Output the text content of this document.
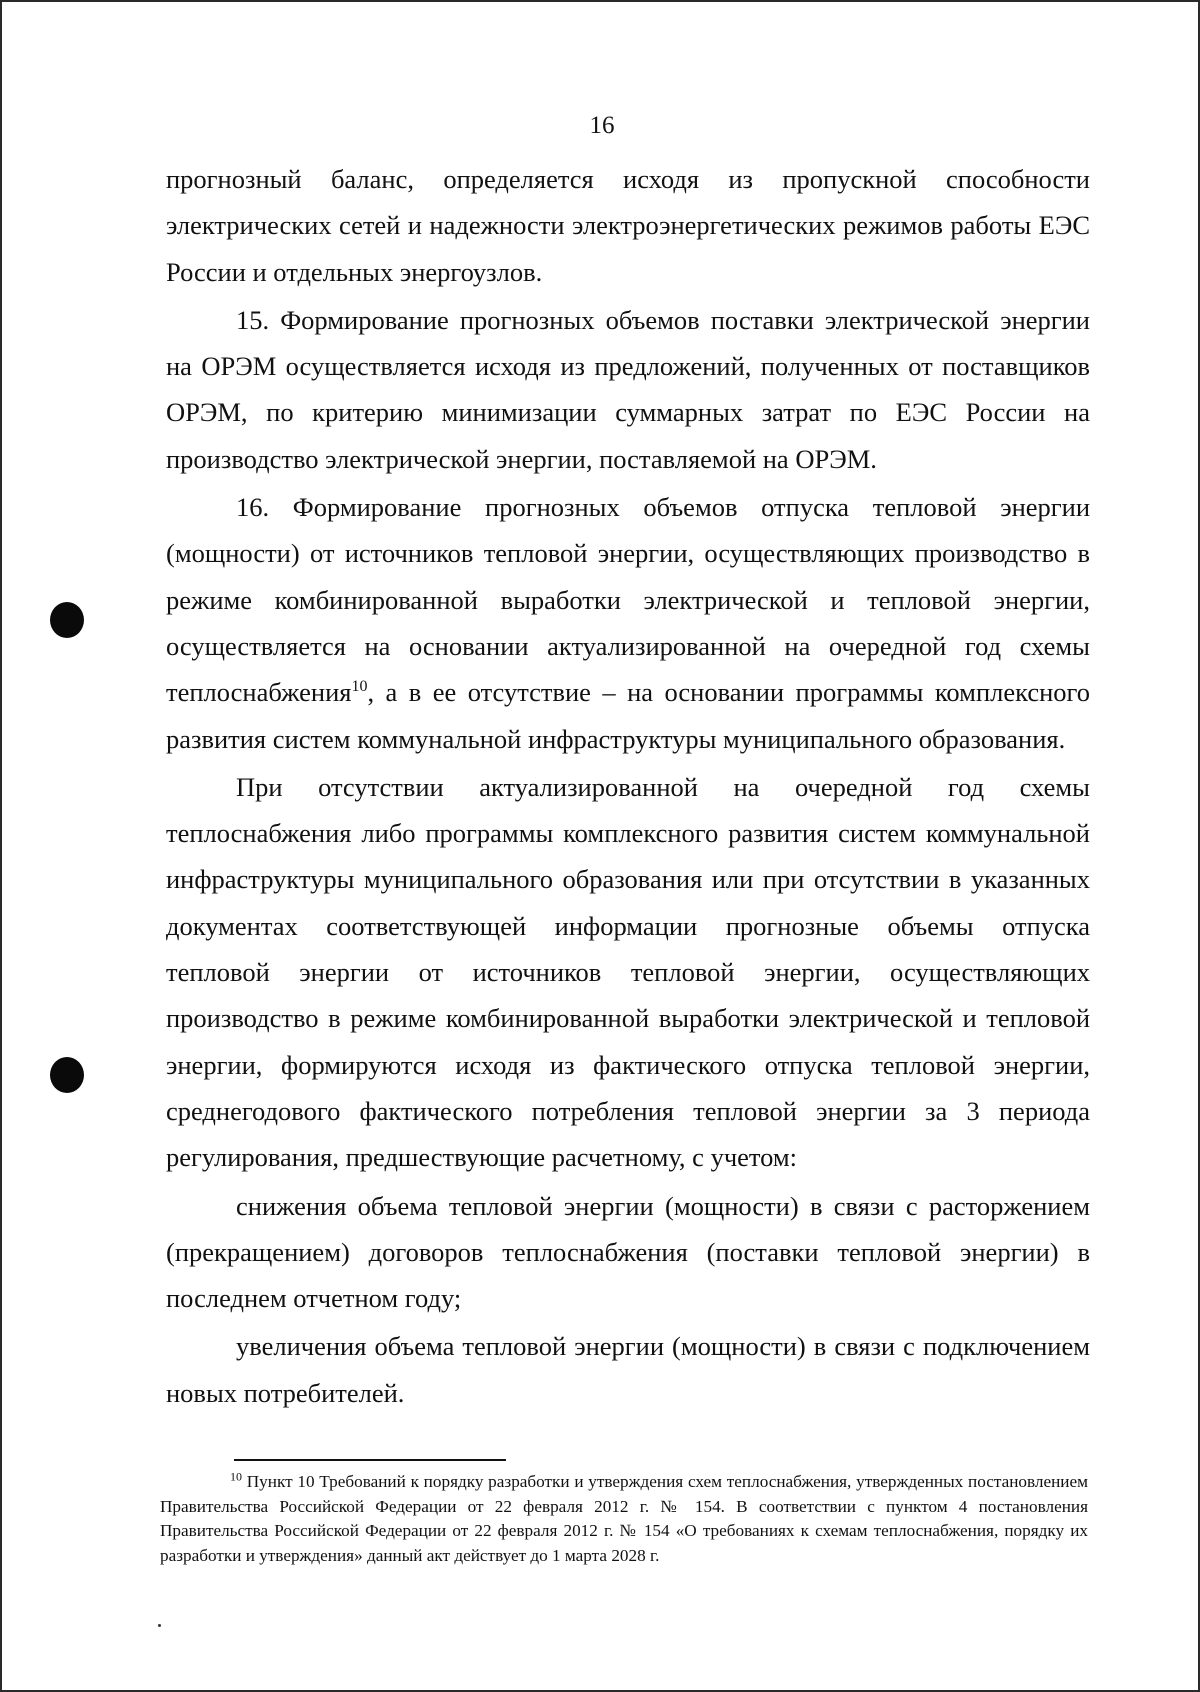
16

прогнозный баланс, определяется исходя из пропускной способности электрических сетей и надежности электроэнергетических режимов работы ЕЭС России и отдельных энергоузлов.

15. Формирование прогнозных объемов поставки электрической энергии на ОРЭМ осуществляется исходя из предложений, полученных от поставщиков ОРЭМ, по критерию минимизации суммарных затрат по ЕЭС России на производство электрической энергии, поставляемой на ОРЭМ.

16. Формирование прогнозных объемов отпуска тепловой энергии (мощности) от источников тепловой энергии, осуществляющих производство в режиме комбинированной выработки электрической и тепловой энергии, осуществляется на основании актуализированной на очередной год схемы теплоснабжения$^{10}$, а в ее отсутствие – на основании программы комплексного развития систем коммунальной инфраструктуры муниципального образования.

При отсутствии актуализированной на очередной год схемы теплоснабжения либо программы комплексного развития систем коммунальной инфраструктуры муниципального образования или при отсутствии в указанных документах соответствующей информации прогнозные объемы отпуска тепловой энергии от источников тепловой энергии, осуществляющих производство в режиме комбинированной выработки электрической и тепловой энергии, формируются исходя из фактического отпуска тепловой энергии, среднегодового фактического потребления тепловой энергии за 3 периода регулирования, предшествующие расчетному, с учетом:

снижения объема тепловой энергии (мощности) в связи с расторжением (прекращением) договоров теплоснабжения (поставки тепловой энергии) в последнем отчетном году;

увеличения объема тепловой энергии (мощности) в связи с подключением новых потребителей.

$^{10}$ Пункт 10 Требований к порядку разработки и утверждения схем теплоснабжения, утвержденных постановлением Правительства Российской Федерации от 22 февраля 2012 г. № 154. В соответствии с пунктом 4 постановления Правительства Российской Федерации от 22 февраля 2012 г. № 154 «О требованиях к схемам теплоснабжения, порядку их разработки и утверждения» данный акт действует до 1 марта 2028 г.
